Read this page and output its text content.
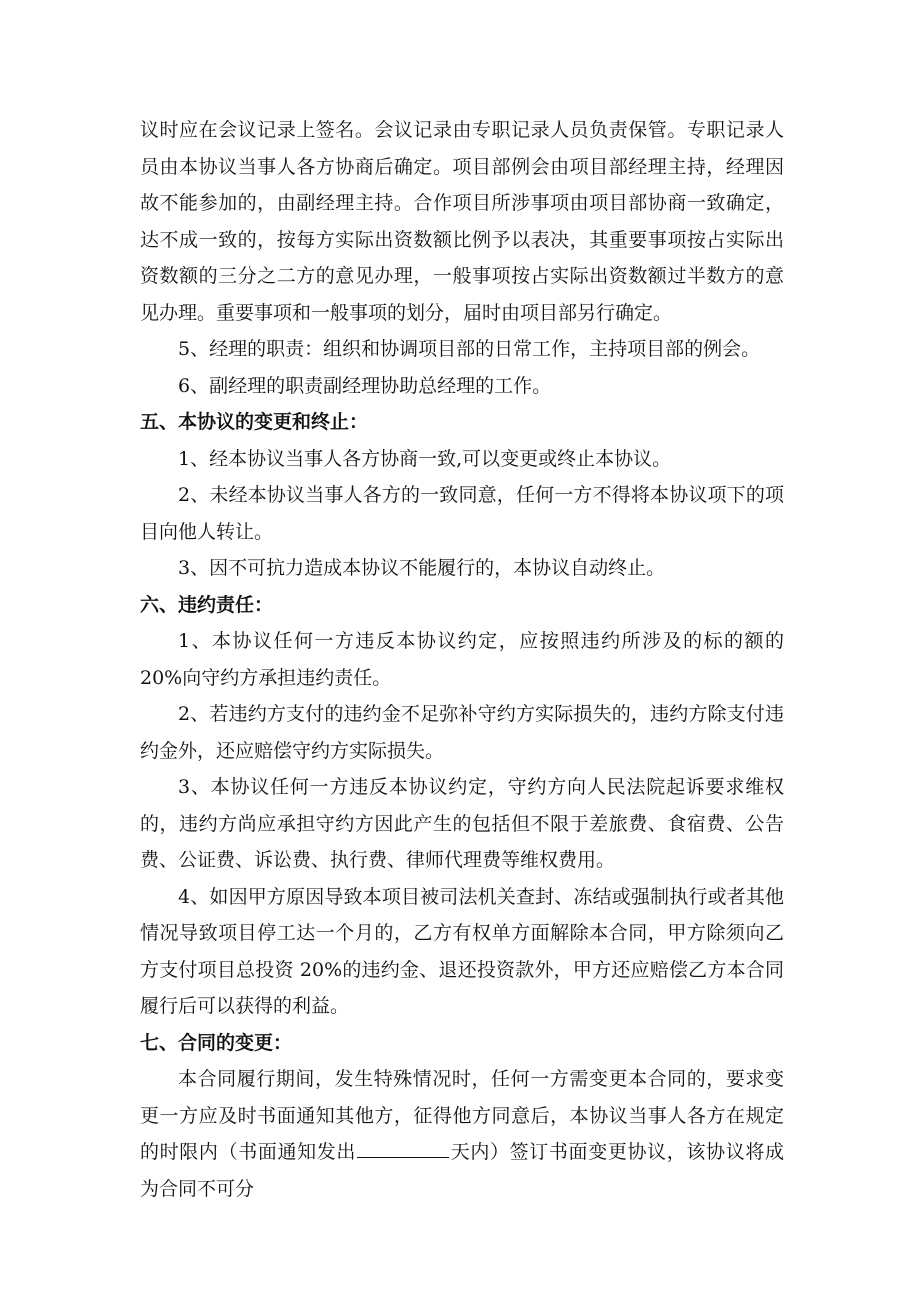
议时应在会议记录上签名。会议记录由专职记录人员负责保管。专职记录人员由本协议当事人各方协商后确定。项目部例会由项目部经理主持，经理因故不能参加的，由副经理主持。合作项目所涉事项由项目部协商一致确定，达不成一致的，按每方实际出资数额比例予以表决，其重要事项按占实际出资数额的三分之二方的意见办理，一般事项按占实际出资数额过半数方的意见办理。重要事项和一般事项的划分，届时由项目部另行确定。

5、经理的职责：组织和协调项目部的日常工作，主持项目部的例会。

6、副经理的职责副经理协助总经理的工作。

五、本协议的变更和终止：

1、经本协议当事人各方协商一致,可以变更或终止本协议。

2、未经本协议当事人各方的一致同意，任何一方不得将本协议项下的项目向他人转让。

3、因不可抗力造成本协议不能履行的，本协议自动终止。

六、违约责任：

1、本协议任何一方违反本协议约定，应按照违约所涉及的标的额的 20%向守约方承担违约责任。

2、若违约方支付的违约金不足弥补守约方实际损失的，违约方除支付违约金外，还应赔偿守约方实际损失。

3、本协议任何一方违反本协议约定，守约方向人民法院起诉要求维权的，违约方尚应承担守约方因此产生的包括但不限于差旅费、食宿费、公告费、公证费、诉讼费、执行费、律师代理费等维权费用。

4、如因甲方原因导致本项目被司法机关查封、冻结或强制执行或者其他情况导致项目停工达一个月的，乙方有权单方面解除本合同，甲方除须向乙方支付项目总投资 20%的违约金、退还投资款外，甲方还应赔偿乙方本合同履行后可以获得的利益。

七、合同的变更：

本合同履行期间，发生特殊情况时，任何一方需变更本合同的，要求变更一方应及时书面通知其他方，征得他方同意后，本协议当事人各方在规定的时限内（书面通知发出	天内）签订书面变更协议，该协议将成为合同不可分
